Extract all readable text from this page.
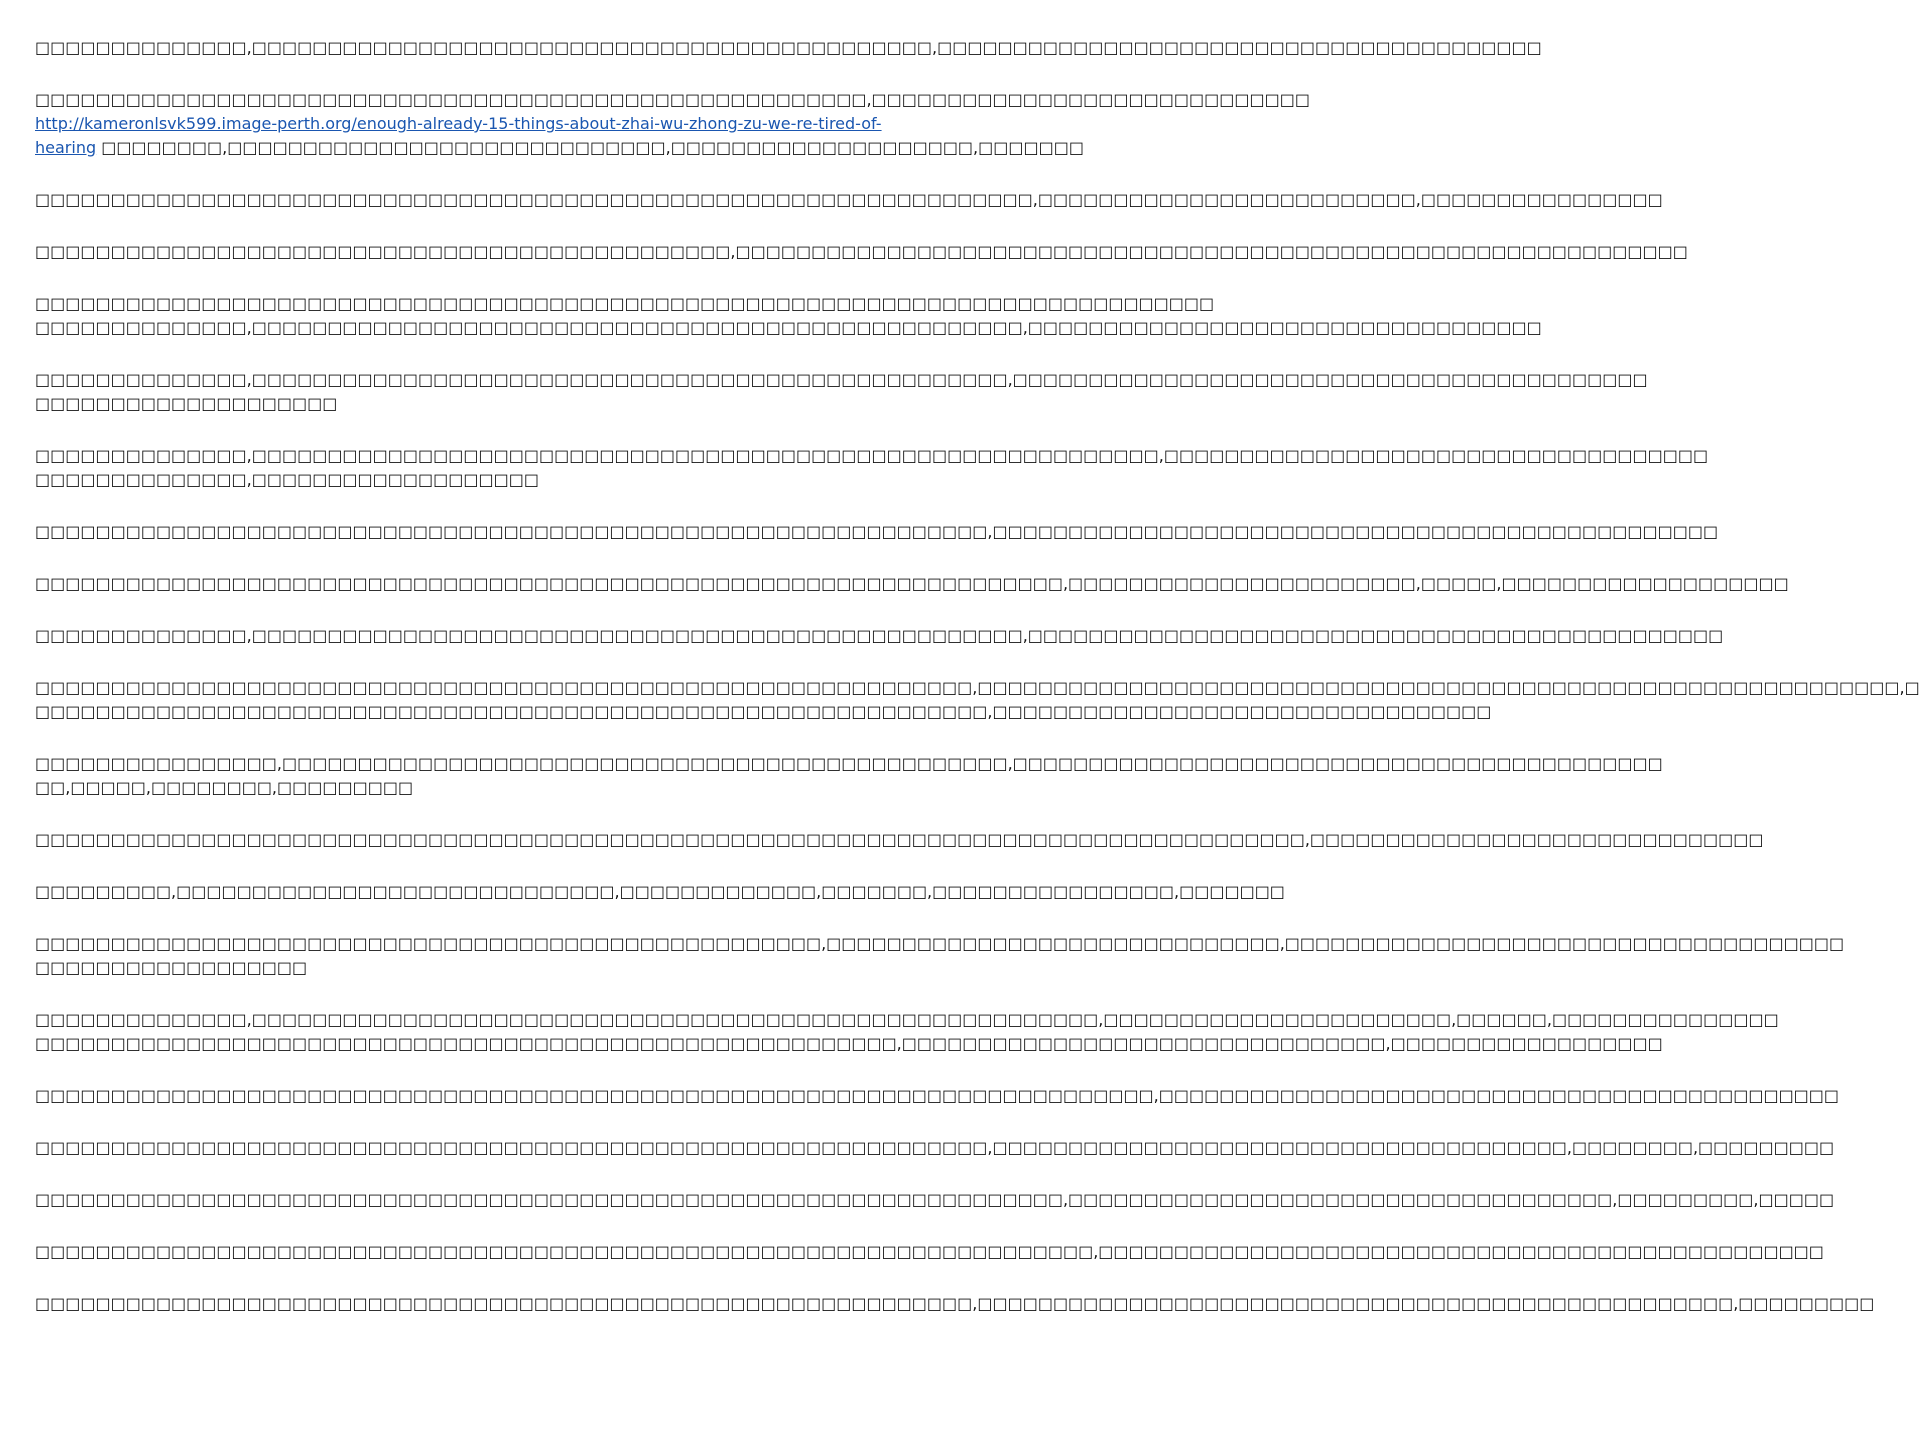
□□□□□□□□□□□□□□,□□□□□□□□□□□□□□□□□□□□□□□□□□□□□□□□□□□□□□□□□□□□□,□□□□□□□□□□□□□□□□□□□□□□□□□□□□□□□□□□□□□□□□

□□□□□□□□□□□□□□□□□□□□□□□□□□□□□□□□□□□□□□□□□□□□□□□□□□□□□□□,□□□□□□□□□□□□□□□□□□□□□□□□□□□□□
http://kameronlsvk599.image-perth.org/enough-already-15-things-about-zhai-wu-zhong-zu-we-re-tired-of-
hearing □□□□□□□□,□□□□□□□□□□□□□□□□□□□□□□□□□□□□□,□□□□□□□□□□□□□□□□□□□□,□□□□□□□

□□□□□□□□□□□□□□□□□□□□□□□□□□□□□□□□□□□□□□□□□□□□□□□□□□□□□□□□□□□□□□□□□□,□□□□□□□□□□□□□□□□□□□□□□□□□,□□□□□□□□□□□□□□□□

□□□□□□□□□□□□□□□□□□□□□□□□□□□□□□□□□□□□□□□□□□□□□□,□□□□□□□□□□□□□□□□□□□□□□□□□□□□□□□□□□□□□□□□□□□□□□□□□□□□□□□□□□□□□□□

□□□□□□□□□□□□□□□□□□□□□□□□□□□□□□□□□□□□□□□□□□□□□□□□□□□□□□□□□□□□□□□□□□□□□□□□□□□□□□
□□□□□□□□□□□□□□,□□□□□□□□□□□□□□□□□□□□□□□□□□□□□□□□□□□□□□□□□□□□□□□□□□□,□□□□□□□□□□□□□□□□□□□□□□□□□□□□□□□□□□

□□□□□□□□□□□□□□,□□□□□□□□□□□□□□□□□□□□□□□□□□□□□□□□□□□□□□□□□□□□□□□□□□,□□□□□□□□□□□□□□□□□□□□□□□□□□□□□□□□□□□□□□□□□□
□□□□□□□□□□□□□□□□□□□□

□□□□□□□□□□□□□□,□□□□□□□□□□□□□□□□□□□□□□□□□□□□□□□□□□□□□□□□□□□□□□□□□□□□□□□□□□□□,□□□□□□□□□□□□□□□□□□□□□□□□□□□□□□□□□□□□
□□□□□□□□□□□□□□,□□□□□□□□□□□□□□□□□□□

□□□□□□□□□□□□□□□□□□□□□□□□□□□□□□□□□□□□□□□□□□□□□□□□□□□□□□□□□□□□□□□,□□□□□□□□□□□□□□□□□□□□□□□□□□□□□□□□□□□□□□□□□□□□□□□□

□□□□□□□□□□□□□□□□□□□□□□□□□□□□□□□□□□□□□□□□□□□□□□□□□□□□□□□□□□□□□□□□□□□□,□□□□□□□□□□□□□□□□□□□□□□□,□□□□□,□□□□□□□□□□□□□□□□□□□

□□□□□□□□□□□□□□,□□□□□□□□□□□□□□□□□□□□□□□□□□□□□□□□□□□□□□□□□□□□□□□□□□□,□□□□□□□□□□□□□□□□□□□□□□□□□□□□□□□□□□□□□□□□□□□□□□

□□□□□□□□□□□□□□□□□□□□□□□□□□□□□□□□□□□□□□□□□□□□□□□□□□□□□□□□□□□□□□,□□□□□□□□□□□□□□□□□□□□□□□□□□□□□□□□□□□□□□□□□□□□□□□□□□□□□□□□□□□□□,□
□□□□□□□□□□□□□□□□□□□□□□□□□□□□□□□□□□□□□□□□□□□□□□□□□□□□□□□□□□□□□□□,□□□□□□□□□□□□□□□□□□□□□□□□□□□□□□□□□

□□□□□□□□□□□□□□□□,□□□□□□□□□□□□□□□□□□□□□□□□□□□□□□□□□□□□□□□□□□□□□□□□,□□□□□□□□□□□□□□□□□□□□□□□□□□□□□□□□□□□□□□□□□□□
□□,□□□□□,□□□□□□□□,□□□□□□□□□

□□□□□□□□□□□□□□□□□□□□□□□□□□□□□□□□□□□□□□□□□□□□□□□□□□□□□□□□□□□□□□□□□□□□□□□□□□□□□□□□□□□□,□□□□□□□□□□□□□□□□□□□□□□□□□□□□□□

□□□□□□□□□,□□□□□□□□□□□□□□□□□□□□□□□□□□□□□,□□□□□□□□□□□□□,□□□□□□□,□□□□□□□□□□□□□□□□,□□□□□□□

□□□□□□□□□□□□□□□□□□□□□□□□□□□□□□□□□□□□□□□□□□□□□□□□□□□□,□□□□□□□□□□□□□□□□□□□□□□□□□□□□□□,□□□□□□□□□□□□□□□□□□□□□□□□□□□□□□□□□□□□□
□□□□□□□□□□□□□□□□□□

□□□□□□□□□□□□□□,□□□□□□□□□□□□□□□□□□□□□□□□□□□□□□□□□□□□□□□□□□□□□□□□□□□□□□□□,□□□□□□□□□□□□□□□□□□□□□□□,□□□□□□,□□□□□□□□□□□□□□□
□□□□□□□□□□□□□□□□□□□□□□□□□□□□□□□□□□□□□□□□□□□□□□□□□□□□□□□□□,□□□□□□□□□□□□□□□□□□□□□□□□□□□□□□□□,□□□□□□□□□□□□□□□□□□

□□□□□□□□□□□□□□□□□□□□□□□□□□□□□□□□□□□□□□□□□□□□□□□□□□□□□□□□□□□□□□□□□□□□□□□□□□,□□□□□□□□□□□□□□□□□□□□□□□□□□□□□□□□□□□□□□□□□□□□□

□□□□□□□□□□□□□□□□□□□□□□□□□□□□□□□□□□□□□□□□□□□□□□□□□□□□□□□□□□□□□□□,□□□□□□□□□□□□□□□□□□□□□□□□□□□□□□□□□□□□□□,□□□□□□□□,□□□□□□□□□

□□□□□□□□□□□□□□□□□□□□□□□□□□□□□□□□□□□□□□□□□□□□□□□□□□□□□□□□□□□□□□□□□□□□,□□□□□□□□□□□□□□□□□□□□□□□□□□□□□□□□□□□□,□□□□□□□□□,□□□□□

□□□□□□□□□□□□□□□□□□□□□□□□□□□□□□□□□□□□□□□□□□□□□□□□□□□□□□□□□□□□□□□□□□□□□□,□□□□□□□□□□□□□□□□□□□□□□□□□□□□□□□□□□□□□□□□□□□□□□□□

□□□□□□□□□□□□□□□□□□□□□□□□□□□□□□□□□□□□□□□□□□□□□□□□□□□□□□□□□□□□□□,□□□□□□□□□□□□□□□□□□□□□□□□□□□□□□□□□□□□□□□□□□□□□□□□□□,□□□□□□□□□
